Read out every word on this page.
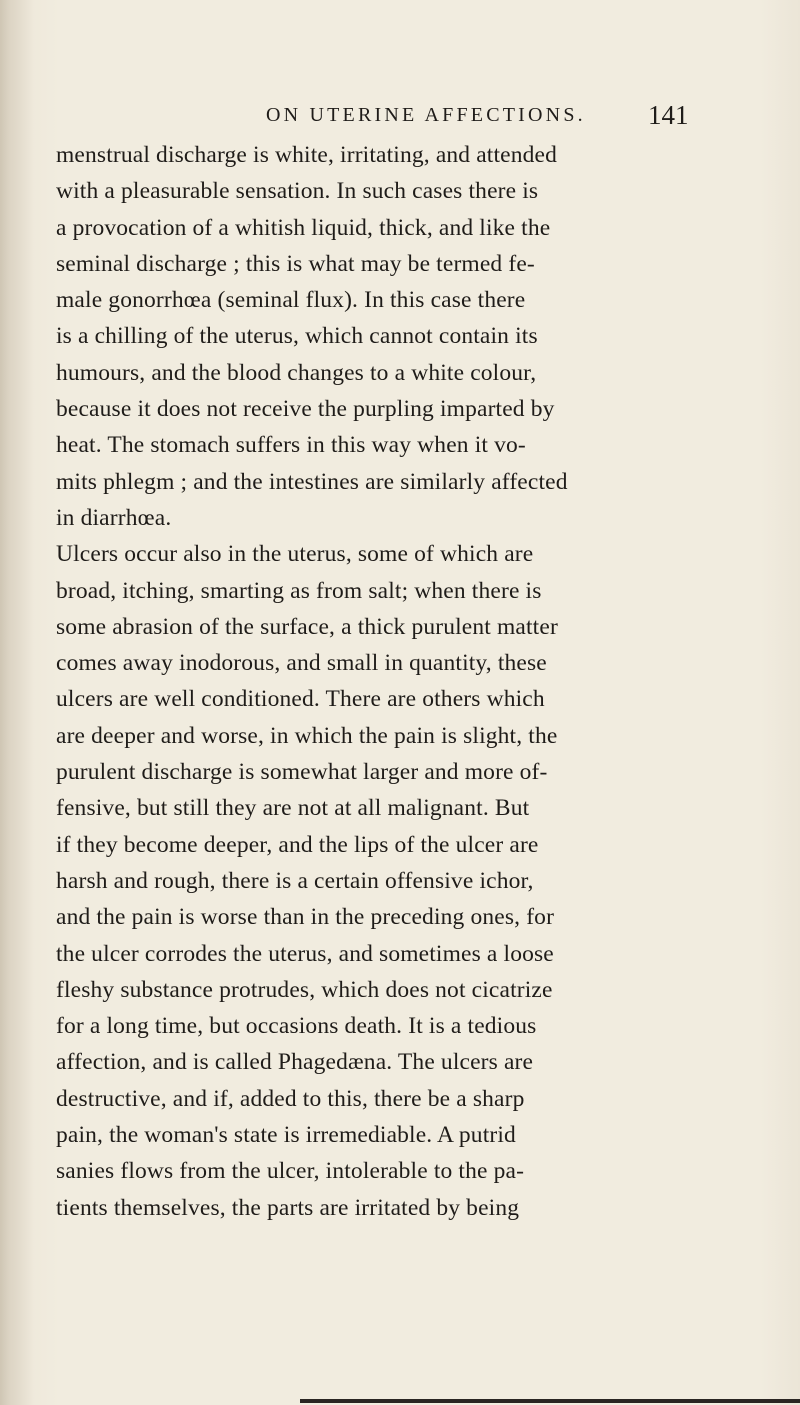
ON UTERINE AFFECTIONS. 141
menstrual discharge is white, irritating, and attended
with a pleasurable sensation. In such cases there is
a provocation of a whitish liquid, thick, and like the
seminal discharge ; this is what may be termed fe-
male gonorrhœa (seminal flux). In this case there
is a chilling of the uterus, which cannot contain its
humours, and the blood changes to a white colour,
because it does not receive the purpling imparted by
heat. The stomach suffers in this way when it vo-
mits phlegm ; and the intestines are similarly affected
in diarrhœa.
Ulcers occur also in the uterus, some of which are
broad, itching, smarting as from salt; when there is
some abrasion of the surface, a thick purulent matter
comes away inodorous, and small in quantity, these
ulcers are well conditioned. There are others which
are deeper and worse, in which the pain is slight, the
purulent discharge is somewhat larger and more of-
fensive, but still they are not at all malignant. But
if they become deeper, and the lips of the ulcer are
harsh and rough, there is a certain offensive ichor,
and the pain is worse than in the preceding ones, for
the ulcer corrodes the uterus, and sometimes a loose
fleshy substance protrudes, which does not cicatrize
for a long time, but occasions death. It is a tedious
affection, and is called Phagedæna. The ulcers are
destructive, and if, added to this, there be a sharp
pain, the woman's state is irremediable. A putrid
sanies flows from the ulcer, intolerable to the pa-
tients themselves, the parts are irritated by being
